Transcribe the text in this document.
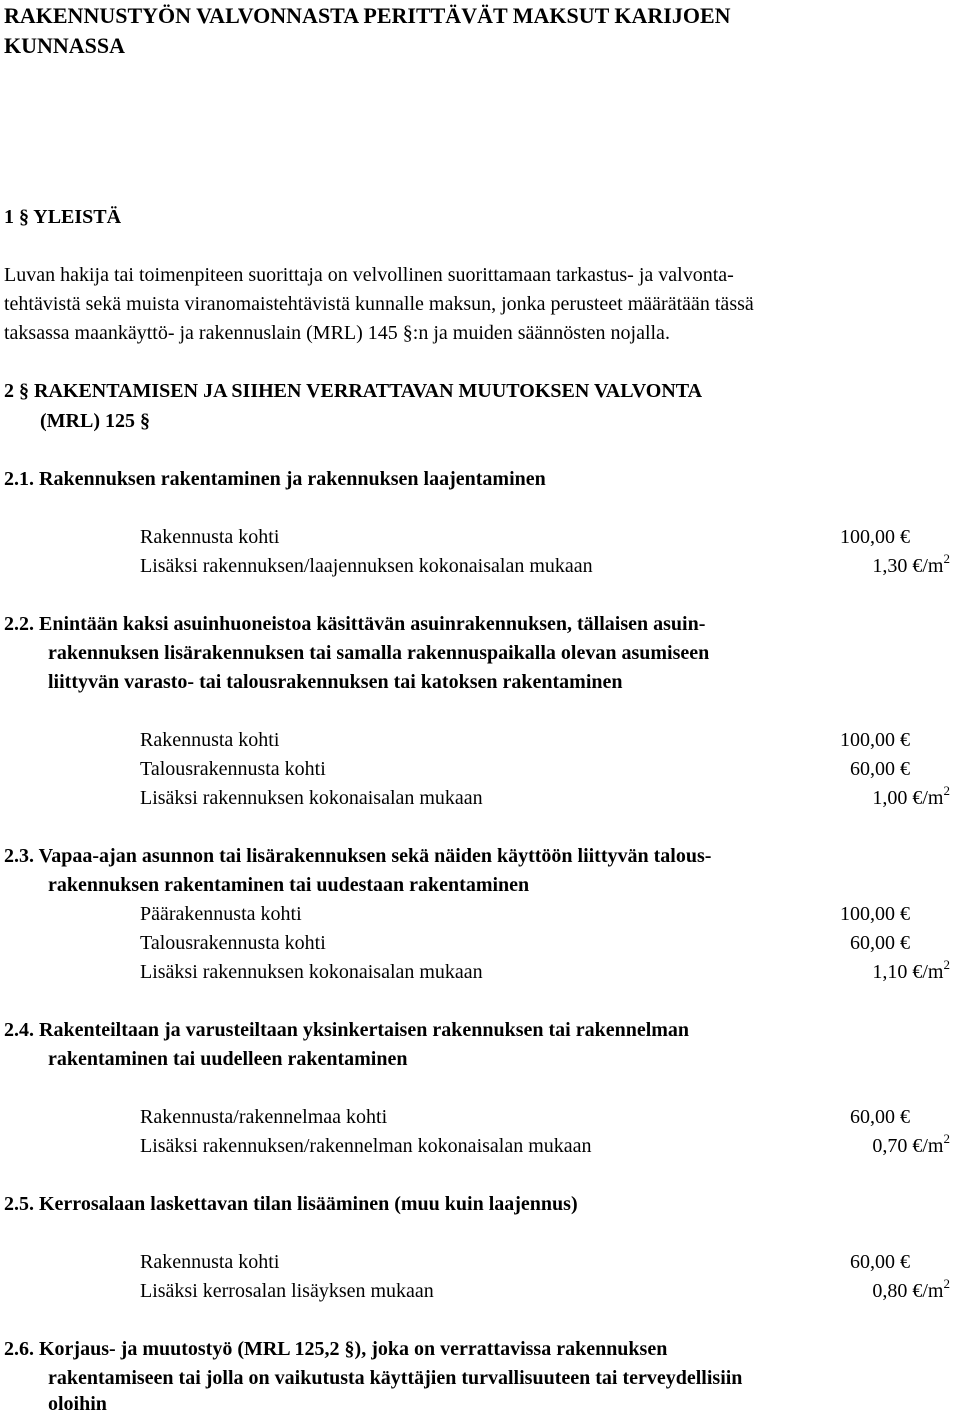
RAKENNUSTYÖN VALVONNASTA PERITTÄVÄT MAKSUT KARIJOEN
KUNNASSA
1 § YLEISTÄ
Luvan hakija tai toimenpiteen suorittaja on velvollinen suorittamaan tarkastus- ja valvonta-
tehtävistä sekä muista viranomaistehtävistä kunnalle maksun, jonka perusteet määrätään tässä
taksassa maankäyttö- ja rakennuslain (MRL) 145 §:n ja muiden säännösten nojalla.
2 § RAKENTAMISEN JA SIIHEN VERRATTAVAN MUUTOKSEN VALVONTA
(MRL) 125 §
2.1. Rakennuksen rakentaminen ja rakennuksen laajentaminen
Rakennusta kohti	100,00 €
Lisäksi rakennuksen/laajennuksen kokonaisalan mukaan	1,30 $€/m^2$
2.2. Enintään kaksi asuinhuoneistoa käsittävän asuinrakennuksen, tällaisen asuin-
rakennuksen lisärakennuksen tai samalla rakennuspaikalla olevan asumiseen
liittyvän varasto- tai talousrakennuksen tai katoksen rakentaminen
Rakennusta kohti	100,00 €
Talousrakennusta kohti	60,00 €
Lisäksi rakennuksen kokonaisalan mukaan	1,00 $€/m^2$
2.3. Vapaa-ajan asunnon tai lisärakennuksen sekä näiden käyttöön liittyvän talous-
rakennuksen rakentaminen tai uudestaan rakentaminen
Päärakennusta kohti	100,00 €
Talousrakennusta kohti	60,00 €
Lisäksi rakennuksen kokonaisalan mukaan	1,10 $€/m^2$
2.4. Rakenteiltaan ja varusteiltaan yksinkertaisen rakennuksen tai rakennelman
rakentaminen tai uudelleen rakentaminen
Rakennusta/rakennelmaa kohti	60,00 €
Lisäksi rakennuksen/rakennelman kokonaisalan mukaan	0,70 $€/m^2$
2.5. Kerrosalaan laskettavan tilan lisääminen (muu kuin laajennus)
Rakennusta kohti	60,00 €
Lisäksi kerrosalan lisäyksen mukaan	0,80 $€/m^2$
2.6. Korjaus- ja muutostyö (MRL 125,2 §), joka on verrattavissa rakennuksen
rakentamiseen tai jolla on vaikutusta käyttäjien turvallisuuteen tai terveydellisiin
oloihin
